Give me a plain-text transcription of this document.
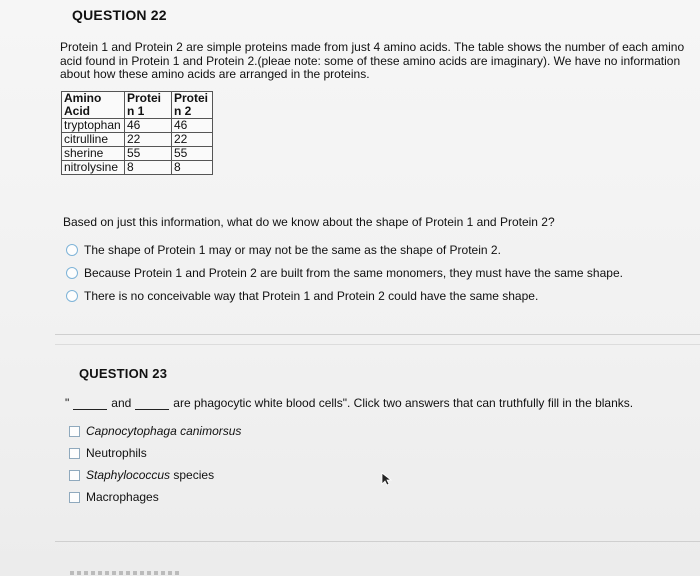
QUESTION 22
Protein 1 and Protein 2 are simple proteins made from just 4 amino acids. The table shows the number of each amino acid found in Protein 1 and Protein 2.(pleae note: some of these amino acids are imaginary). We have no information about how these amino acids are arranged in the proteins.
Amino Acid	Protei n 1	Protei n 2
tryptophan	46	46
citrulline	22	22
sherine	55	55
nitrolysine	8	8
Based on just this information, what do we know about the shape of Protein 1 and Protein 2?
The shape of Protein 1 may or may not be the same as the shape of Protein 2.
Because Protein 1 and Protein 2 are built from the same monomers, they must have the same shape.
There is no conceivable way that Protein 1 and Protein 2 could have the same shape.
QUESTION 23
"	and	are phagocytic white blood cells". Click two answers that can truthfully fill in the blanks.
Capnocytophaga canimorsus
Neutrophils
Staphylococcus species
Macrophages
